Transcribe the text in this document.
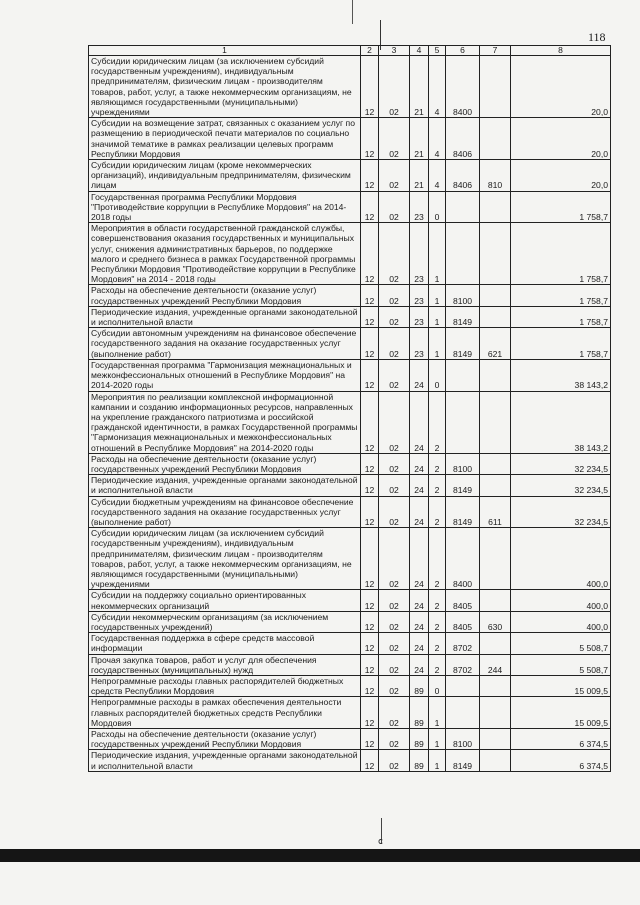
118
1	2	3	4	5	6	7	8
Субсидии юридическим лицам (за исключением субсидий государственным учреждениям), индивидуальным предпринимателям, физическим лицам - производителям товаров, работ, услуг, а также некоммерческим организациям, не являющимся государственными (муниципальными) учреждениями	12	02	21	4	8400		20,0
Субсидии на возмещение затрат, связанных с оказанием услуг по размещению в периодической печати материалов по социально значимой тематике в рамках реализации целевых программ Республики Мордовия	12	02	21	4	8406		20,0
Субсидии юридическим лицам (кроме некоммерческих организаций), индивидуальным предпринимателям, физическим лицам	12	02	21	4	8406	810	20,0
Государственная программа Республики Мордовия "Противодействие коррупции в Республике Мордовия" на 2014-2018 годы	12	02	23	0			1 758,7
Мероприятия в области государственной гражданской службы, совершенствования оказания государственных и муниципальных услуг, снижения административных барьеров, по поддержке малого и среднего бизнеса в рамках Государственной программы Республики Мордовия "Противодействие коррупции в Республике Мордовия" на 2014 - 2018 годы	12	02	23	1			1 758,7
Расходы на обеспечение деятельности (оказание услуг) государственных учреждений Республики Мордовия	12	02	23	1	8100		1 758,7
Периодические издания, учрежденные органами законодательной и исполнительной власти	12	02	23	1	8149		1 758,7
Субсидии автономным учреждениям на финансовое обеспечение государственного задания на оказание государственных услуг (выполнение работ)	12	02	23	1	8149	621	1 758,7
Государственная программа "Гармонизация межнациональных и межконфессиональных отношений в Республике Мордовия" на 2014-2020 годы	12	02	24	0			38 143,2
Мероприятия по реализации комплексной информационной кампании и созданию информационных ресурсов, направленных на укрепление гражданского патриотизма и российской гражданской идентичности, в рамках Государственной программы "Гармонизация межнациональных и межконфессиональных отношений в Республике Мордовия" на 2014-2020 годы	12	02	24	2			38 143,2
Расходы на обеспечение деятельности (оказание услуг) государственных учреждений Республики Мордовия	12	02	24	2	8100		32 234,5
Периодические издания, учрежденные органами законодательной и исполнительной власти	12	02	24	2	8149		32 234,5
Субсидии бюджетным учреждениям на финансовое обеспечение государственного задания на оказание государственных услуг (выполнение работ)	12	02	24	2	8149	611	32 234,5
Субсидии юридическим лицам (за исключением субсидий государственным учреждениям), индивидуальным предпринимателям, физическим лицам - производителям товаров, работ, услуг, а также некоммерческим организациям, не являющимся государственными (муниципальными) учреждениями	12	02	24	2	8400		400,0
Субсидии на поддержку социально ориентированных некоммерческих организаций	12	02	24	2	8405		400,0
Субсидии некоммерческим организациям (за исключением государственных учреждений)	12	02	24	2	8405	630	400,0
Государственная поддержка в сфере средств массовой информации	12	02	24	2	8702		5 508,7
Прочая закупка товаров, работ и услуг для обеспечения государственных (муниципальных) нужд	12	02	24	2	8702	244	5 508,7
Непрограммные расходы главных распорядителей бюджетных средств Республики Мордовия	12	02	89	0			15 009,5
Непрограммные расходы в рамках обеспечения деятельности главных распорядителей бюджетных средств Республики Мордовия	12	02	89	1			15 009,5
Расходы на обеспечение деятельности (оказание услуг) государственных учреждений Республики Мордовия	12	02	89	1	8100		6 374,5
Периодические издания, учрежденные органами законодательной и исполнительной власти	12	02	89	1	8149		6 374,5
ⅽ
